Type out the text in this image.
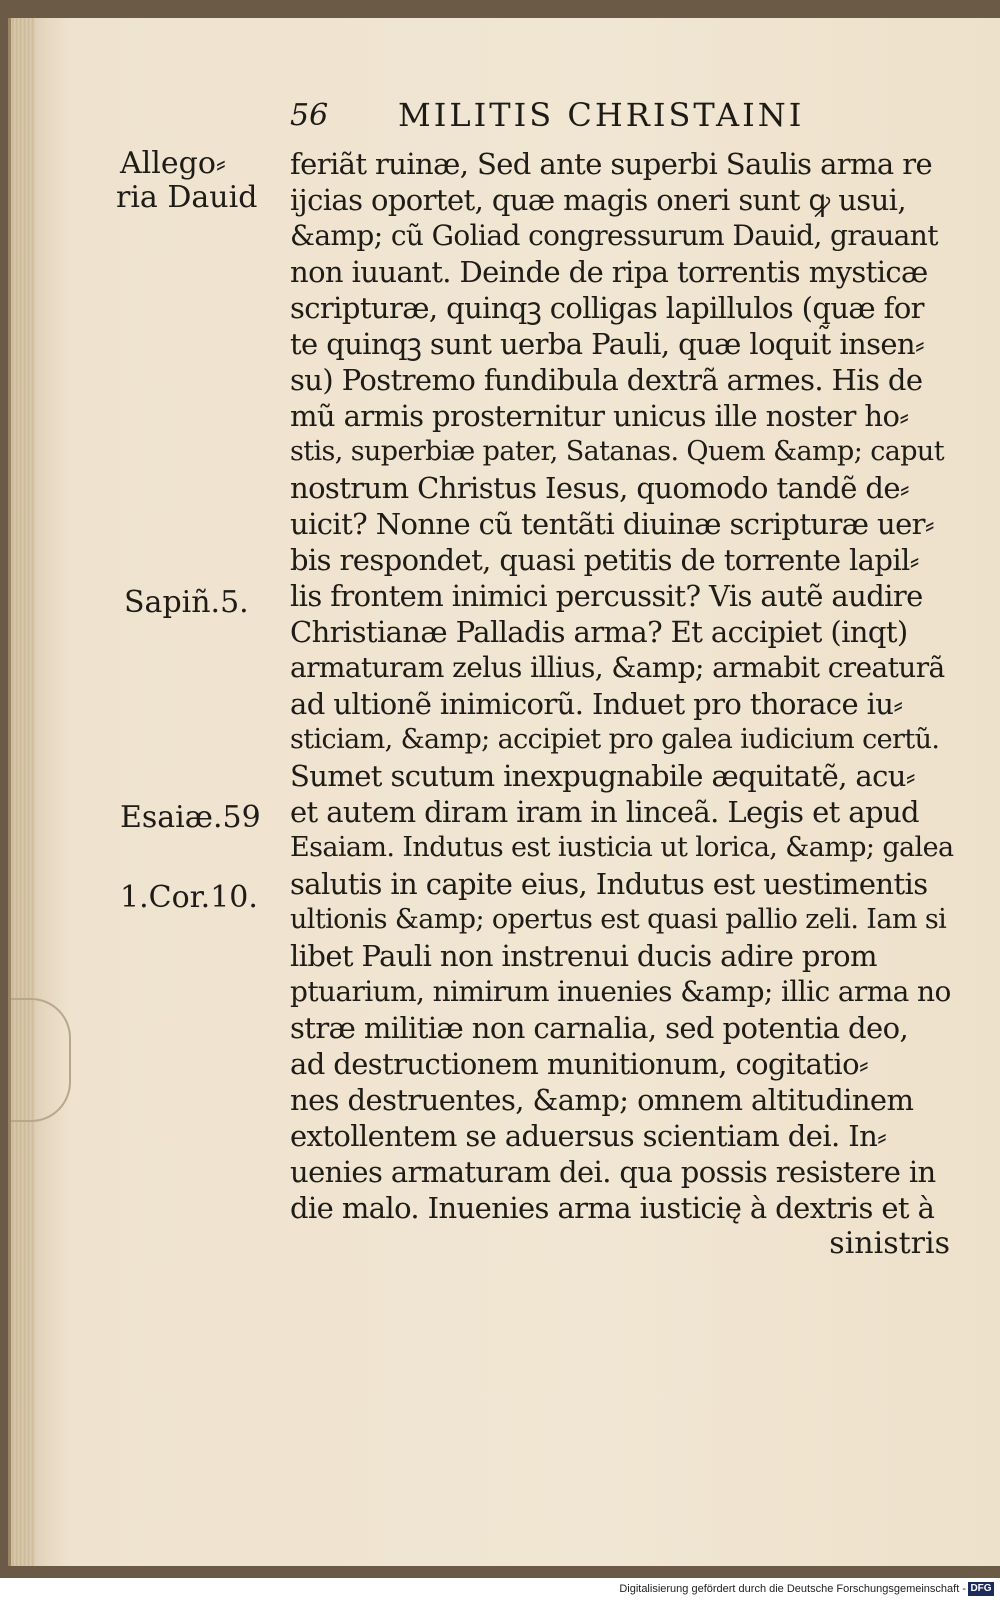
56 MILITIS CHRISTAINI
Allego⸗
ria Dauid
Sapiñ.5.
Esaiæ.59
1.Cor.10.
feriãt ruinæ, Sed ante superbi Saulis arma re
ijcias oportet, quæ magis oneri sunt ꝙ usui,
&amp; cũ Goliad congressurum Dauid, grauant
non iuuant. Deinde de ripa torrentis mysticæ
scripturæ, quinqꝫ colligas lapillulos (quæ for
te quinqꝫ sunt uerba Pauli, quæ loquit̃ insen⸗
su) Postremo fundibula dextrã armes. His de
mũ armis prosternitur unicus ille noster ho⸗
stis, superbiæ pater, Satanas. Quem &amp; caput
nostrum Christus Iesus, quomodo tandẽ de⸗
uicit? Nonne cũ tentãti diuinæ scripturæ uer⸗
bis respondet, quasi petitis de torrente lapil⸗
lis frontem inimici percussit? Vis autẽ audire
Christianæ Palladis arma? Et accipiet (inqt)
armaturam zelus illius, &amp; armabit creaturã
ad ultionẽ inimicorũ. Induet pro thorace iu⸗
sticiam, &amp; accipiet pro galea iudicium certũ.
Sumet scutum inexpugnabile æquitatẽ, acu⸗
et autem diram iram in linceã. Legis et apud
Esaiam. Indutus est iusticia ut lorica, &amp; galea
salutis in capite eius, Indutus est uestimentis
ultionis &amp; opertus est quasi pallio zeli. Iam si
libet Pauli non instrenui ducis adire prom
ptuarium, nimirum inuenies &amp; illic arma no
stræ militiæ non carnalia, sed potentia deo,
ad destructionem munitionum, cogitatio⸗
nes destruentes, &amp; omnem altitudinem
extollentem se aduersus scientiam dei. In⸗
uenies armaturam dei. qua possis resistere in
die malo. Inuenies arma iusticię à dextris et à
sinistris
Digitalisierung gefördert durch die Deutsche Forschungsgemeinschaft - DFG
